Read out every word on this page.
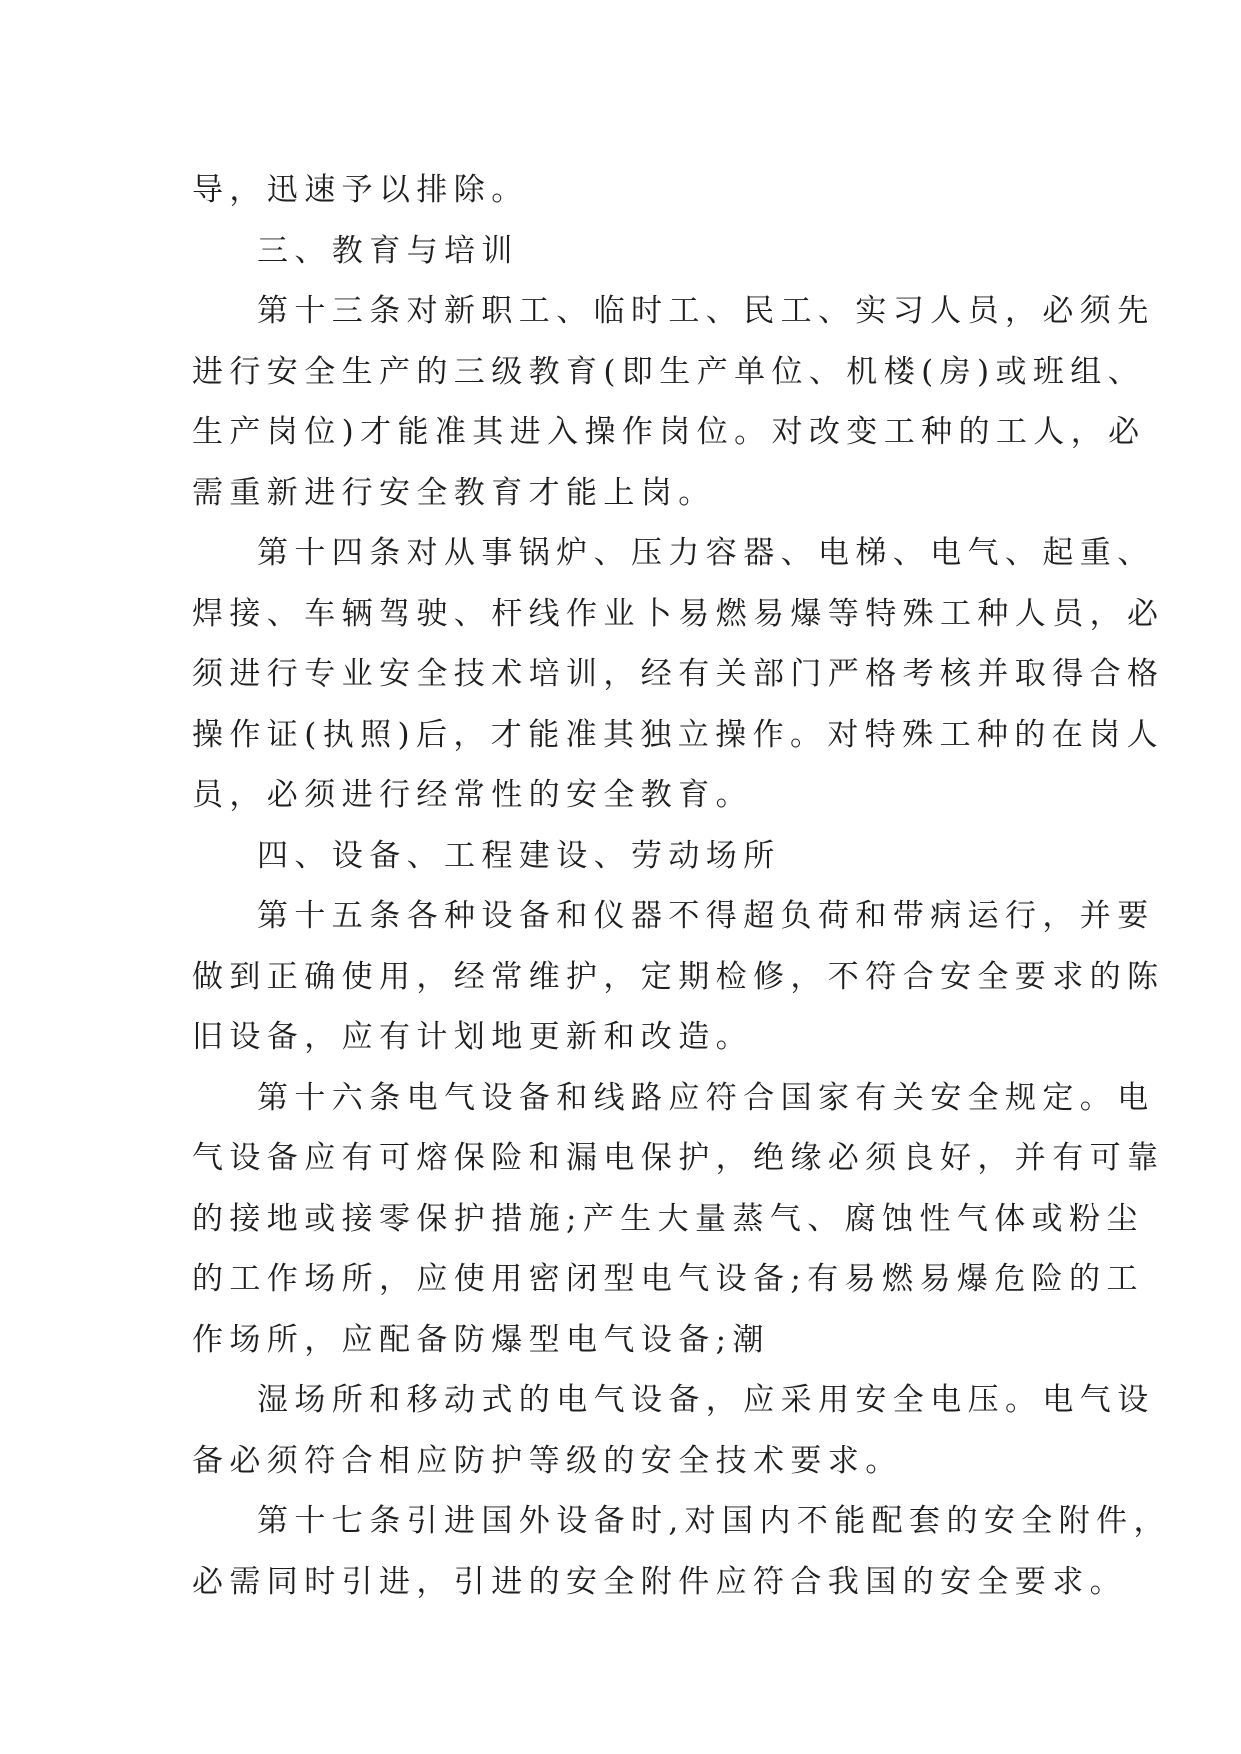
导，迅速予以排除。
三、教育与培训
第十三条对新职工、临时工、民工、实习人员，必须先
进行安全生产的三级教育(即生产单位、机楼(房)或班组、
生产岗位)才能准其进入操作岗位。对改变工种的工人，必
需重新进行安全教育才能上岗。
第十四条对从事锅炉、压力容器、电梯、电气、起重、
焊接、车辆驾驶、杆线作业卜易燃易爆等特殊工种人员，必
须进行专业安全技术培训，经有关部门严格考核并取得合格
操作证(执照)后，才能准其独立操作。对特殊工种的在岗人
员，必须进行经常性的安全教育。
四、设备、工程建设、劳动场所
第十五条各种设备和仪器不得超负荷和带病运行，并要
做到正确使用，经常维护，定期检修，不符合安全要求的陈
旧设备，应有计划地更新和改造。
第十六条电气设备和线路应符合国家有关安全规定。电
气设备应有可熔保险和漏电保护，绝缘必须良好，并有可靠
的接地或接零保护措施;产生大量蒸气、腐蚀性气体或粉尘
的工作场所，应使用密闭型电气设备;有易燃易爆危险的工
作场所，应配备防爆型电气设备;潮
湿场所和移动式的电气设备，应采用安全电压。电气设
备必须符合相应防护等级的安全技术要求。
第十七条引进国外设备时,对国内不能配套的安全附件，
必需同时引进，引进的安全附件应符合我国的安全要求。
